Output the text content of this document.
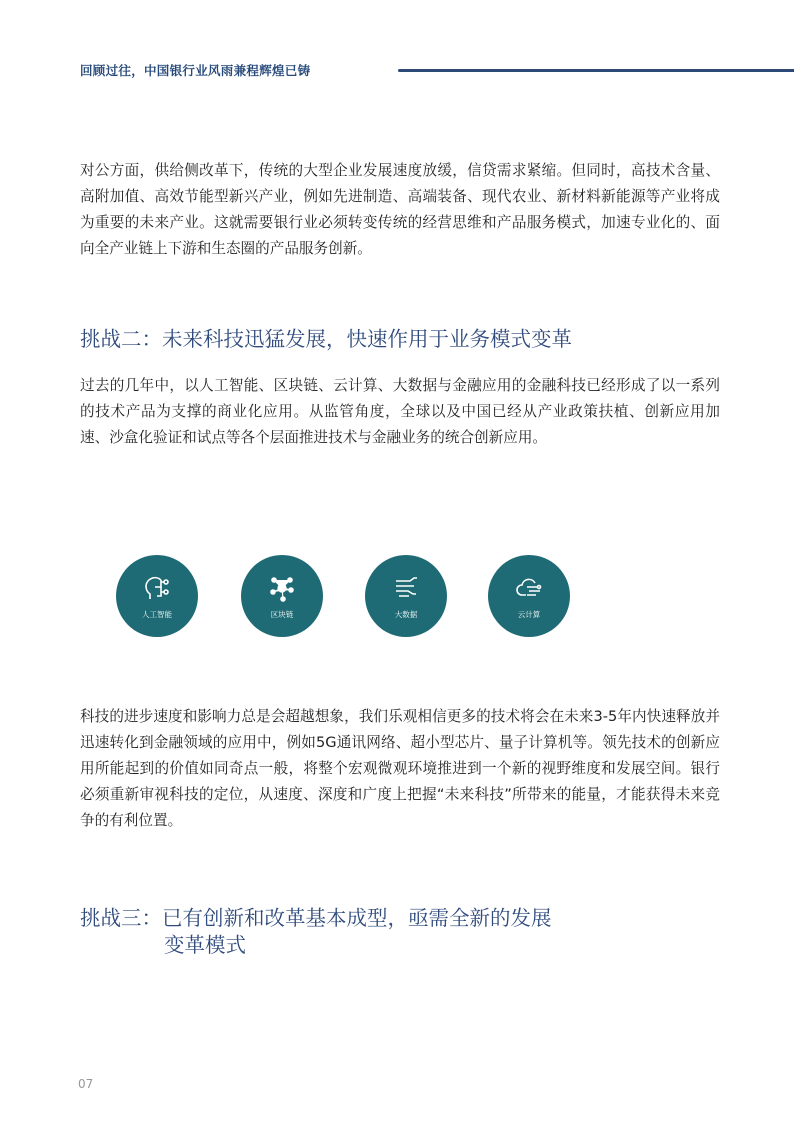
回顾过往，中国银行业风雨兼程辉煌已铸
对公方面，供给侧改革下，传统的大型企业发展速度放缓，信贷需求紧缩。但同时，高技术含量、高附加值、高效节能型新兴产业，例如先进制造、高端装备、现代农业、新材料新能源等产业将成为重要的未来产业。这就需要银行业必须转变传统的经营思维和产品服务模式，加速专业化的、面向全产业链上下游和生态圈的产品服务创新。
挑战二：未来科技迅猛发展，快速作用于业务模式变革
过去的几年中，以人工智能、区块链、云计算、大数据与金融应用的金融科技已经形成了以一系列的技术产品为支撑的商业化应用。从监管角度，全球以及中国已经从产业政策扶植、创新应用加速、沙盒化验证和试点等各个层面推进技术与金融业务的统合创新应用。
人工智能	区块链	大数据	云计算
科技的进步速度和影响力总是会超越想象，我们乐观相信更多的技术将会在未来3-5年内快速释放并迅速转化到金融领域的应用中，例如5G通讯网络、超小型芯片、量子计算机等。领先技术的创新应用所能起到的价值如同奇点一般，将整个宏观微观环境推进到一个新的视野维度和发展空间。银行必须重新审视科技的定位，从速度、深度和广度上把握“未来科技”所带来的能量，才能获得未来竞争的有利位置。
挑战三：已有创新和改革基本成型，亟需全新的发展
变革模式
07
